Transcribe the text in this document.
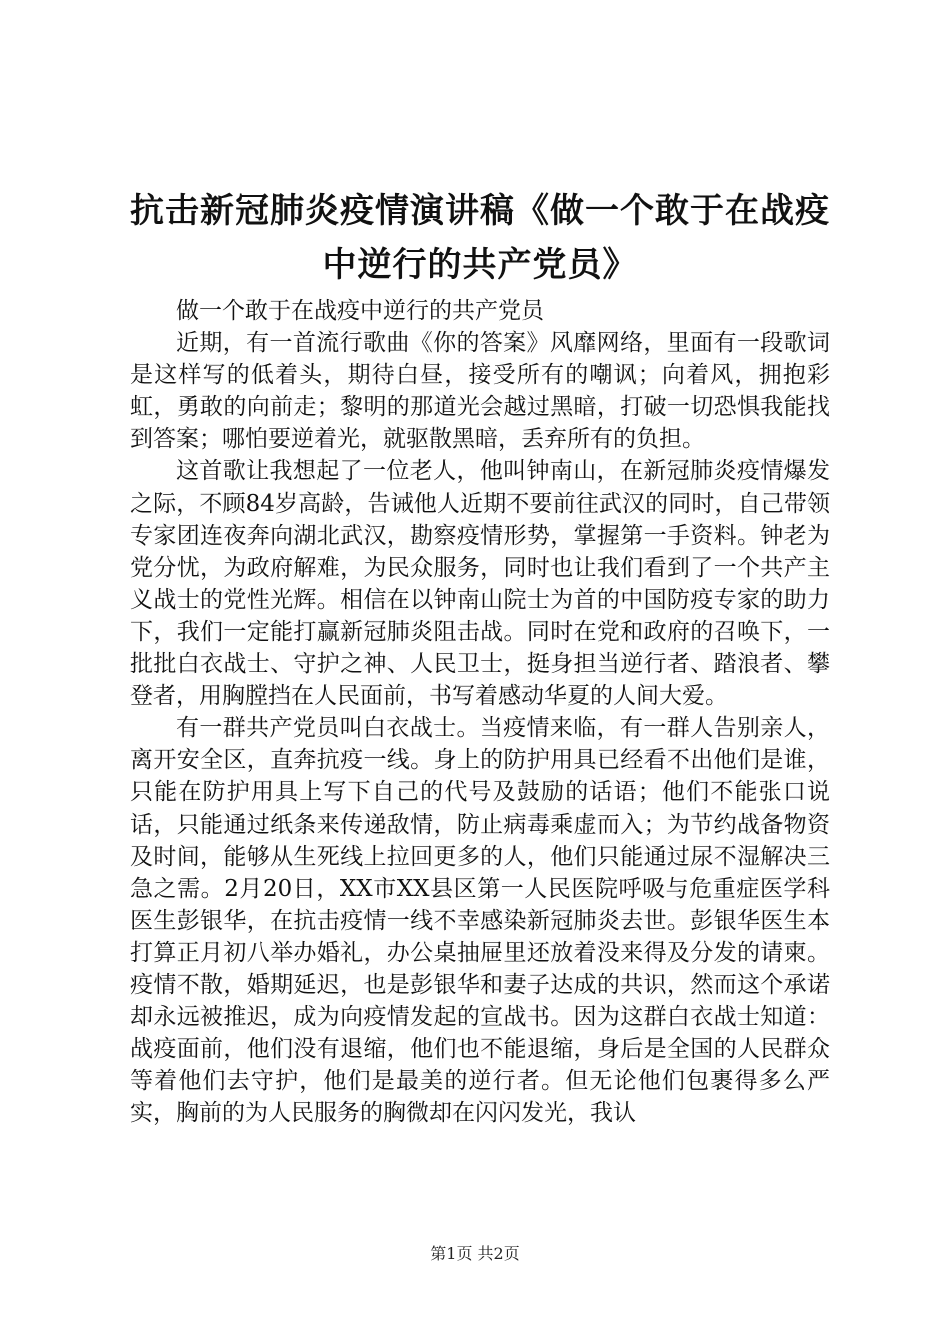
抗击新冠肺炎疫情演讲稿《做一个敢于在战疫
中逆行的共产党员》

做一个敢于在战疫中逆行的共产党员

近期，有一首流行歌曲《你的答案》风靡网络，里面有一段歌词是这样写的低着头，期待白昼，接受所有的嘲讽；向着风，拥抱彩虹，勇敢的向前走；黎明的那道光会越过黑暗，打破一切恐惧我能找到答案；哪怕要逆着光，就驱散黑暗，丢弃所有的负担。

这首歌让我想起了一位老人，他叫钟南山，在新冠肺炎疫情爆发之际，不顾84岁高龄，告诫他人近期不要前往武汉的同时，自己带领专家团连夜奔向湖北武汉，勘察疫情形势，掌握第一手资料。钟老为党分忧，为政府解难，为民众服务，同时也让我们看到了一个共产主义战士的党性光辉。相信在以钟南山院士为首的中国防疫专家的助力下，我们一定能打赢新冠肺炎阻击战。同时在党和政府的召唤下，一批批白衣战士、守护之神、人民卫士，挺身担当逆行者、踏浪者、攀登者，用胸膛挡在人民面前，书写着感动华夏的人间大爱。

有一群共产党员叫白衣战士。当疫情来临，有一群人告别亲人，离开安全区，直奔抗疫一线。身上的防护用具已经看不出他们是谁，只能在防护用具上写下自己的代号及鼓励的话语；他们不能张口说话，只能通过纸条来传递敌情，防止病毒乘虚而入；为节约战备物资及时间，能够从生死线上拉回更多的人，他们只能通过尿不湿解决三急之需。2月20日，XX市XX县区第一人民医院呼吸与危重症医学科医生彭银华，在抗击疫情一线不幸感染新冠肺炎去世。彭银华医生本打算正月初八举办婚礼，办公桌抽屉里还放着没来得及分发的请柬。疫情不散，婚期延迟，也是彭银华和妻子达成的共识，然而这个承诺却永远被推迟，成为向疫情发起的宣战书。因为这群白衣战士知道：战疫面前，他们没有退缩，他们也不能退缩，身后是全国的人民群众等着他们去守护，他们是最美的逆行者。但无论他们包裹得多么严实，胸前的为人民服务的胸微却在闪闪发光，我认

第1页 共2页
